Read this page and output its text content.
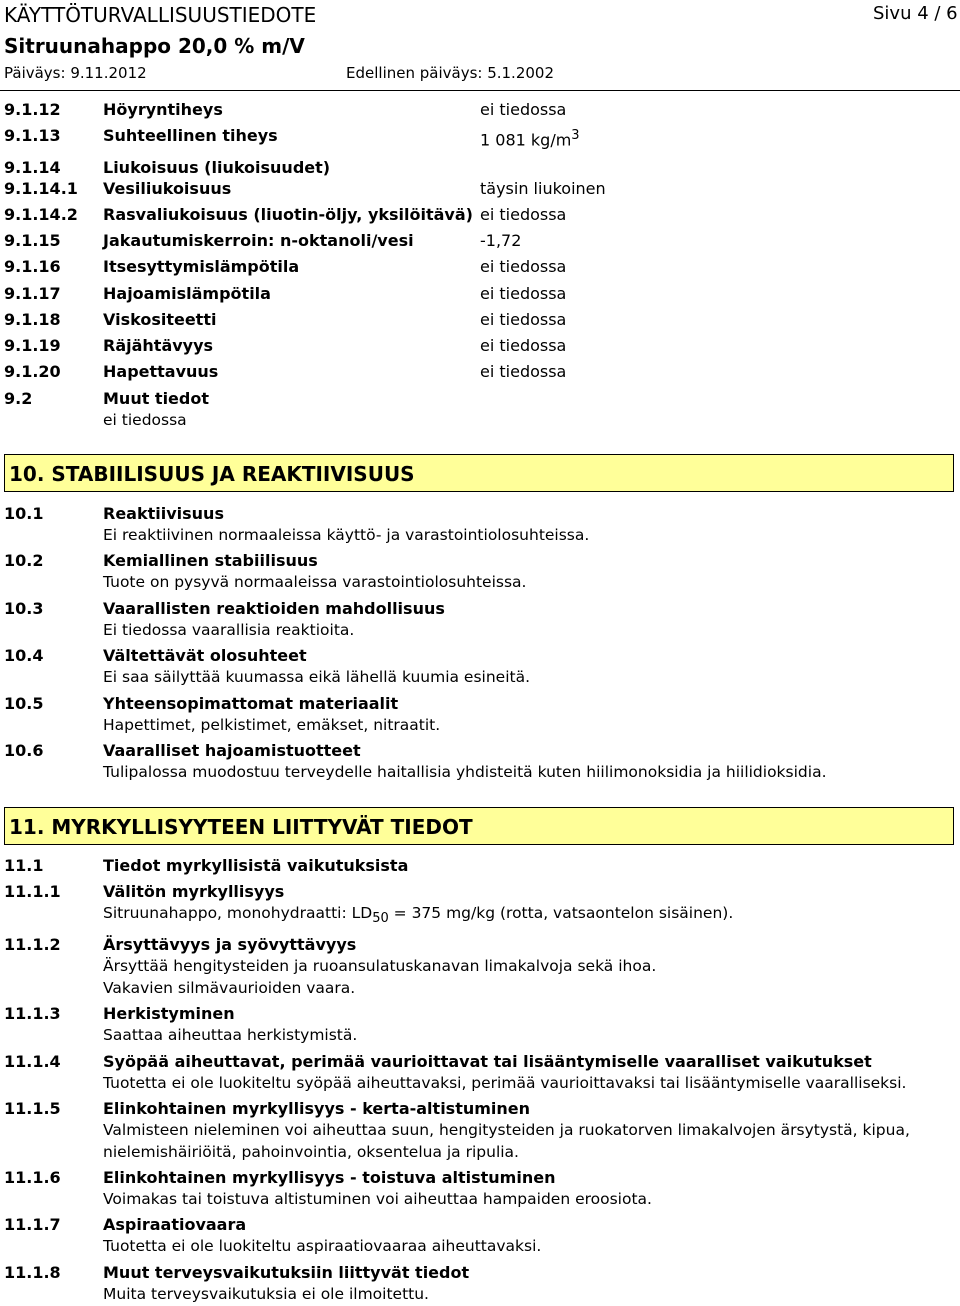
KÄYTTÖTURVALLISUUSTIEDOTE
Sitruunahappo 20,0 % m/V
Päiväys: 9.11.2012	Edellinen päiväys: 5.1.2002
Sivu 4 / 6
9.1.12	Höyryntiheys	ei tiedossa
9.1.13	Suhteellinen tiheys	1 081 $kg/m^3$
9.1.14	Liukoisuus (liukoisuudet)
9.1.14.1 Vesiliukoisuus	täysin liukoinen
9.1.14.2 Rasvaliukoisuus (liuotin-öljy, yksilöitävä) ei tiedossa
9.1.15	Jakautumiskerroin: n-oktanoli/vesi	-1,72
9.1.16	Itsesyttymislämpötila	ei tiedossa
9.1.17	Hajoamislämpötila	ei tiedossa
9.1.18	Viskositeetti	ei tiedossa
9.1.19	Räjähtävyys	ei tiedossa
9.1.20	Hapettavuus	ei tiedossa
9.2	Muut tiedot
ei tiedossa
10. STABIILISUUS JA REAKTIIVISUUS
10.1	Reaktiivisuus
Ei reaktiivinen normaaleissa käyttö- ja varastointiolosuhteissa.
10.2	Kemiallinen stabiilisuus
Tuote on pysyvä normaaleissa varastointiolosuhteissa.
10.3	Vaarallisten reaktioiden mahdollisuus
Ei tiedossa vaarallisia reaktioita.
10.4	Vältettävät olosuhteet
Ei saa säilyttää kuumassa eikä lähellä kuumia esineitä.
10.5	Yhteensopimattomat materiaalit
Hapettimet, pelkistimet, emäkset, nitraatit.
10.6	Vaaralliset hajoamistuotteet
Tulipalossa muodostuu terveydelle haitallisia yhdisteitä kuten hiilimonoksidia ja hiilidioksidia.
11. MYRKYLLISYYTEEN LIITTYVÄT TIEDOT
11.1	Tiedot myrkyllisistä vaikutuksista
11.1.1	Välitön myrkyllisyys
Sitruunahappo, monohydraatti: $LD_{50} = 375$ mg/kg (rotta, vatsaontelon sisäinen).
11.1.2	Ärsyttävyys ja syövyttävyys
Ärsyttää hengitysteiden ja ruoansulatuskanavan limakalvoja sekä ihoa.
Vakavien silmävaurioiden vaara.
11.1.3	Herkistyminen
Saattaa aiheuttaa herkistymistä.
11.1.4	Syöpää aiheuttavat, perimää vaurioittavat tai lisääntymiselle vaaralliset vaikutukset
Tuotetta ei ole luokiteltu syöpää aiheuttavaksi, perimää vaurioittavaksi tai lisääntymiselle vaaralliseksi.
11.1.5	Elinkohtainen myrkyllisyys - kerta-altistuminen
Valmisteen nieleminen voi aiheuttaa suun, hengitysteiden ja ruokatorven limakalvojen ärsytystä, kipua,
nielemishäiriöitä, pahoinvointia, oksentelua ja ripulia.
11.1.6	Elinkohtainen myrkyllisyys - toistuva altistuminen
Voimakas tai toistuva altistuminen voi aiheuttaa hampaiden eroosiota.
11.1.7	Aspiraatiovaara
Tuotetta ei ole luokiteltu aspiraatiovaaraa aiheuttavaksi.
11.1.8	Muut terveysvaikutuksiin liittyvät tiedot
Muita terveysvaikutuksia ei ole ilmoitettu.
